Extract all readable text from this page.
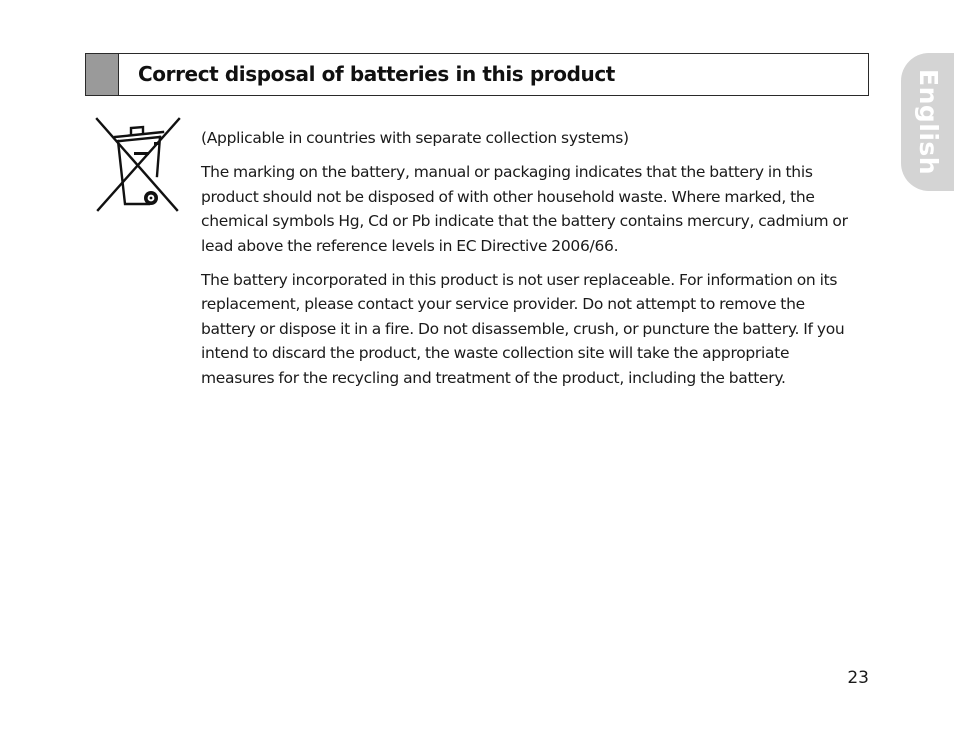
Correct disposal of batteries in this product	English

(Applicable in countries with separate collection systems)

The marking on the battery, manual or packaging indicates that the battery in this product should not be disposed of with other household waste. Where marked, the chemical symbols Hg, Cd or Pb indicate that the battery contains mercury, cadmium or lead above the reference levels in EC Directive 2006/66.

The battery incorporated in this product is not user replaceable. For information on its replacement, please contact your service provider. Do not attempt to remove the battery or dispose it in a fire. Do not disassemble, crush, or puncture the battery. If you intend to discard the product, the waste collection site will take the appropriate measures for the recycling and treatment of the product, including the battery.

23
